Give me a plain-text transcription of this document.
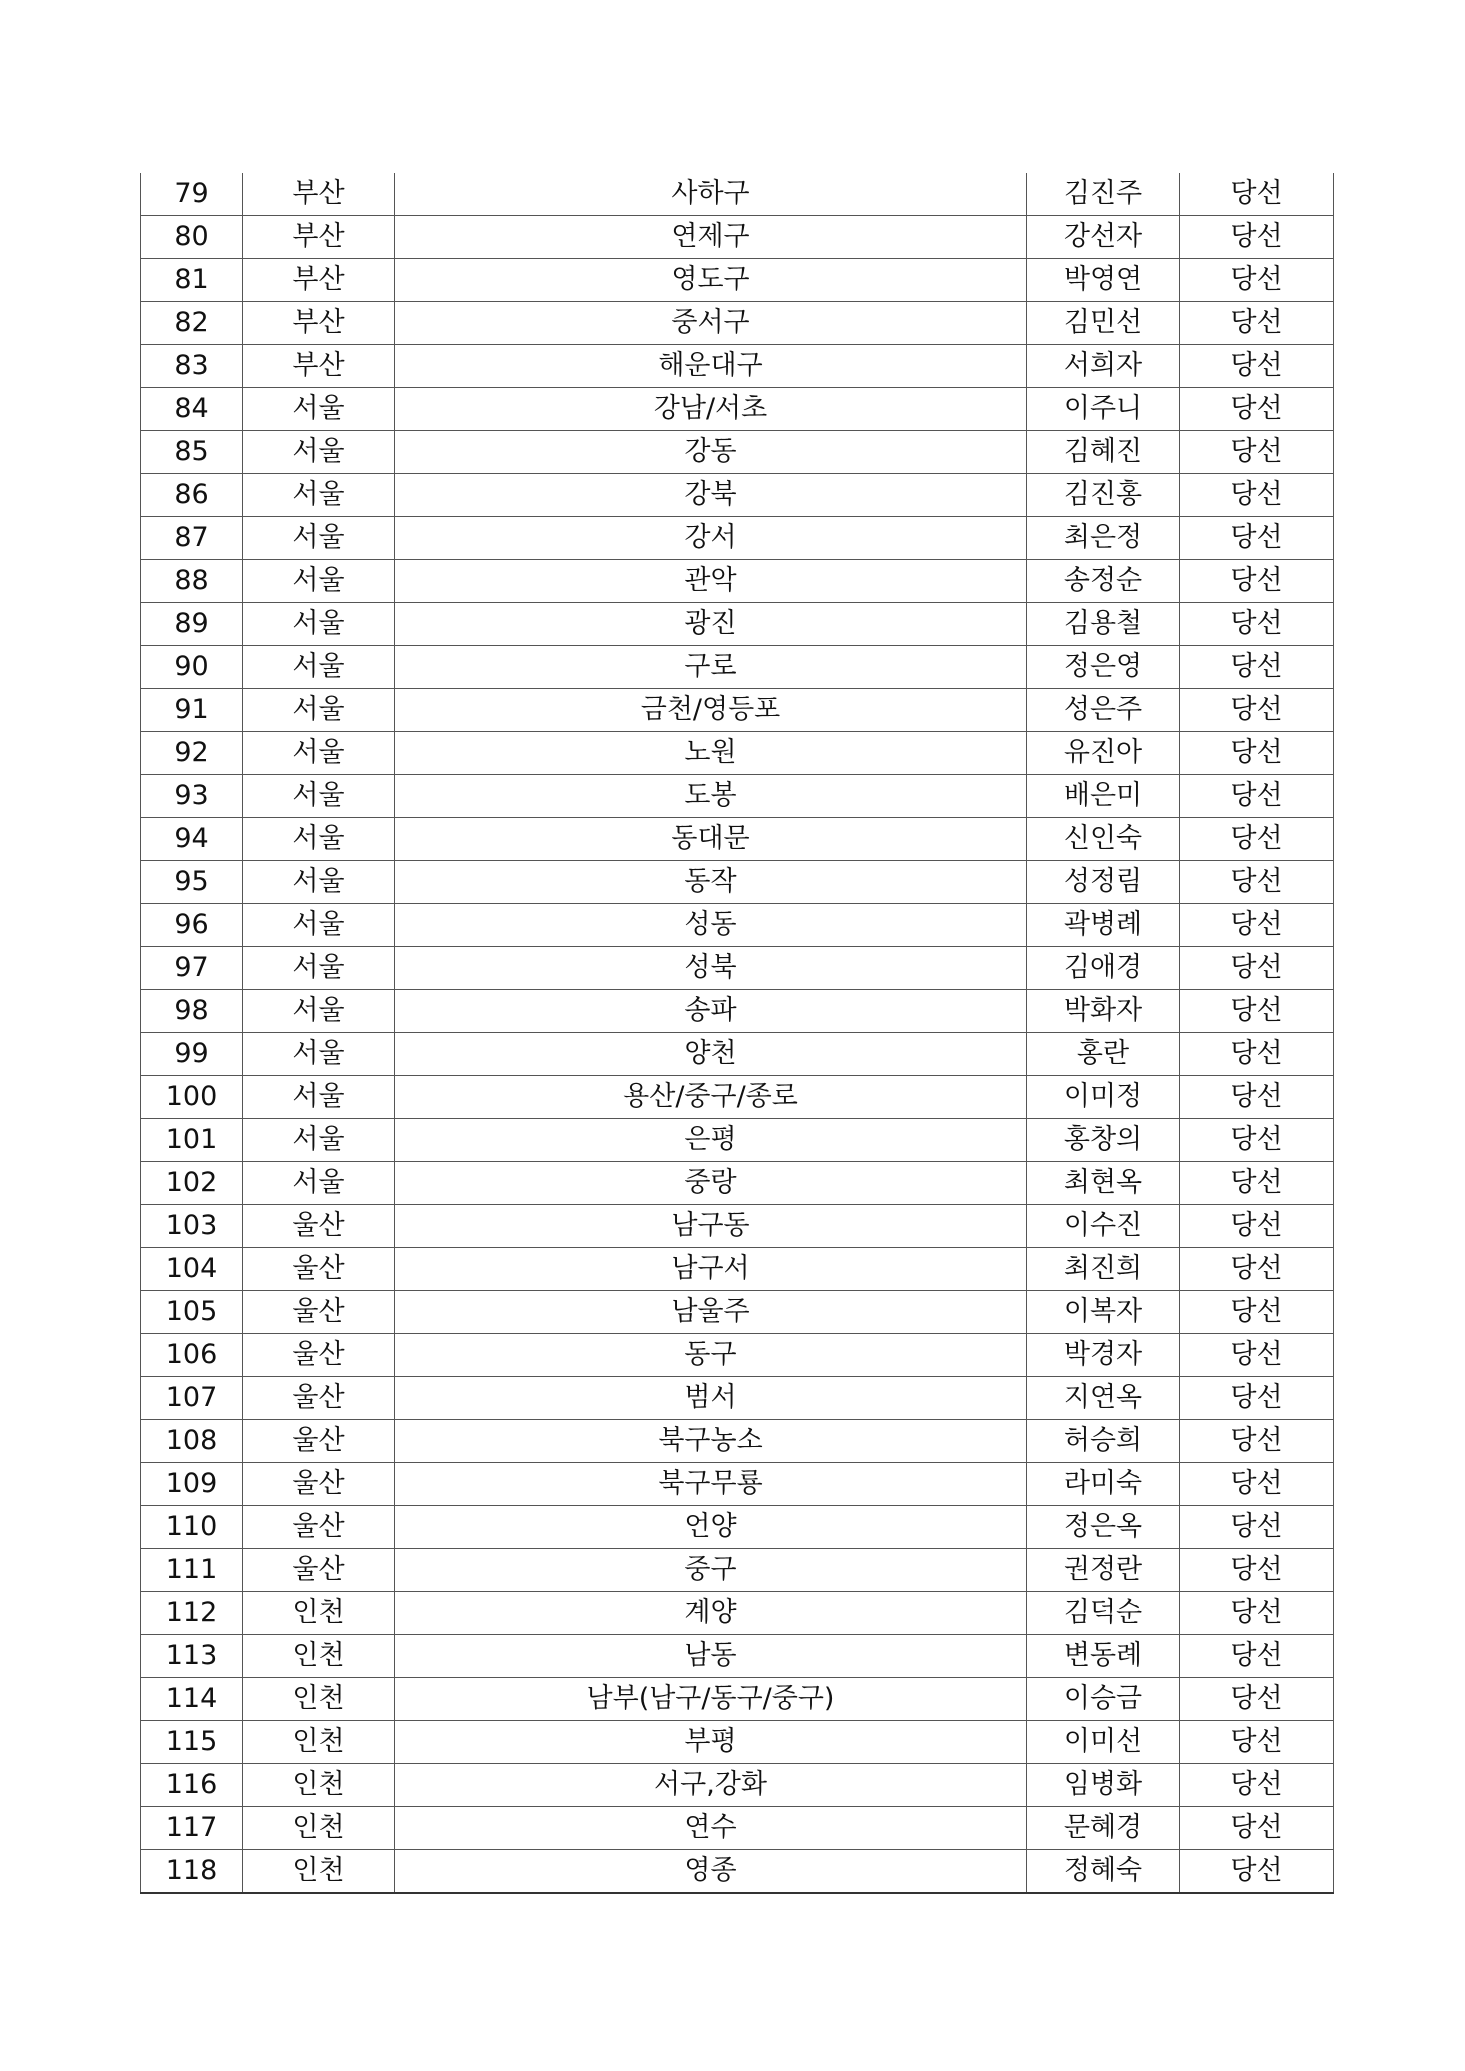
79	부산	사하구	김진주	당선
80	부산	연제구	강선자	당선
81	부산	영도구	박영연	당선
82	부산	중서구	김민선	당선
83	부산	해운대구	서희자	당선
84	서울	강남/서초	이주니	당선
85	서울	강동	김혜진	당선
86	서울	강북	김진홍	당선
87	서울	강서	최은정	당선
88	서울	관악	송정순	당선
89	서울	광진	김용철	당선
90	서울	구로	정은영	당선
91	서울	금천/영등포	성은주	당선
92	서울	노원	유진아	당선
93	서울	도봉	배은미	당선
94	서울	동대문	신인숙	당선
95	서울	동작	성정림	당선
96	서울	성동	곽병례	당선
97	서울	성북	김애경	당선
98	서울	송파	박화자	당선
99	서울	양천	홍란	당선
100	서울	용산/중구/종로	이미정	당선
101	서울	은평	홍창의	당선
102	서울	중랑	최현옥	당선
103	울산	남구동	이수진	당선
104	울산	남구서	최진희	당선
105	울산	남울주	이복자	당선
106	울산	동구	박경자	당선
107	울산	범서	지연옥	당선
108	울산	북구농소	허승희	당선
109	울산	북구무룡	라미숙	당선
110	울산	언양	정은옥	당선
111	울산	중구	권정란	당선
112	인천	계양	김덕순	당선
113	인천	남동	변동례	당선
114	인천	남부(남구/동구/중구)	이승금	당선
115	인천	부평	이미선	당선
116	인천	서구,강화	임병화	당선
117	인천	연수	문혜경	당선
118	인천	영종	정혜숙	당선
